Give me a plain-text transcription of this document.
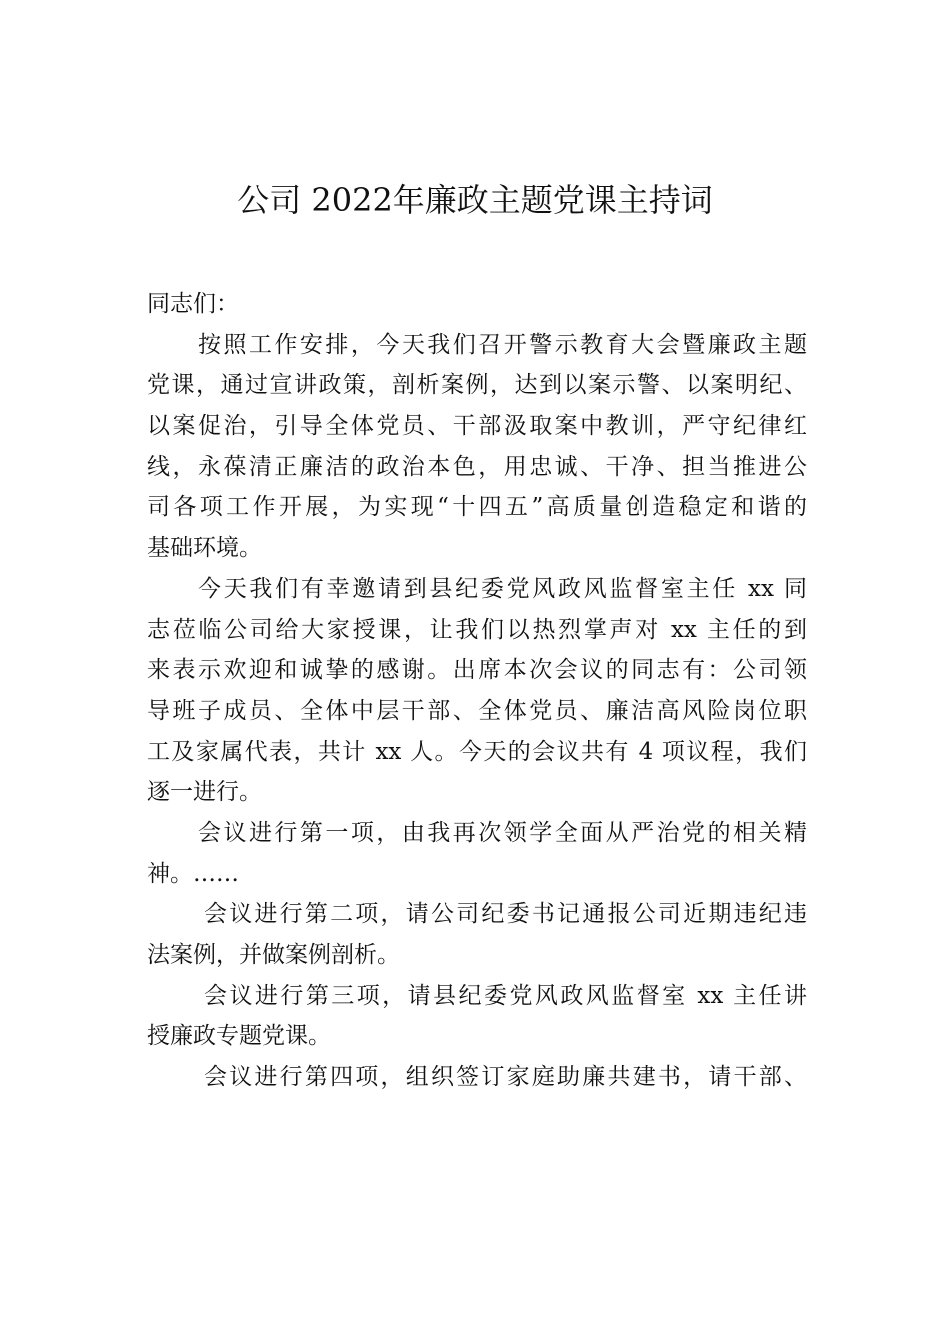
公司 2022年廉政主题党课主持词
同志们：
按照工作安排，今天我们召开警示教育大会暨廉政主题
党课，通过宣讲政策，剖析案例，达到以案示警、以案明纪、
以案促治，引导全体党员、干部汲取案中教训，严守纪律红
线，永葆清正廉洁的政治本色，用忠诚、干净、担当推进公
司各项工作开展，为实现“十四五”高质量创造稳定和谐的
基础环境。
今天我们有幸邀请到县纪委党风政风监督室主任 xx 同
志莅临公司给大家授课，让我们以热烈掌声对 xx 主任的到
来表示欢迎和诚挚的感谢。出席本次会议的同志有：公司领
导班子成员、全体中层干部、全体党员、廉洁高风险岗位职
工及家属代表，共计 xx 人。今天的会议共有 4 项议程，我们
逐一进行。
会议进行第一项，由我再次领学全面从严治党的相关精
神。……
会议进行第二项，请公司纪委书记通报公司近期违纪违
法案例，并做案例剖析。
会议进行第三项，请县纪委党风政风监督室 xx 主任讲
授廉政专题党课。
会议进行第四项，组织签订家庭助廉共建书，请干部、
